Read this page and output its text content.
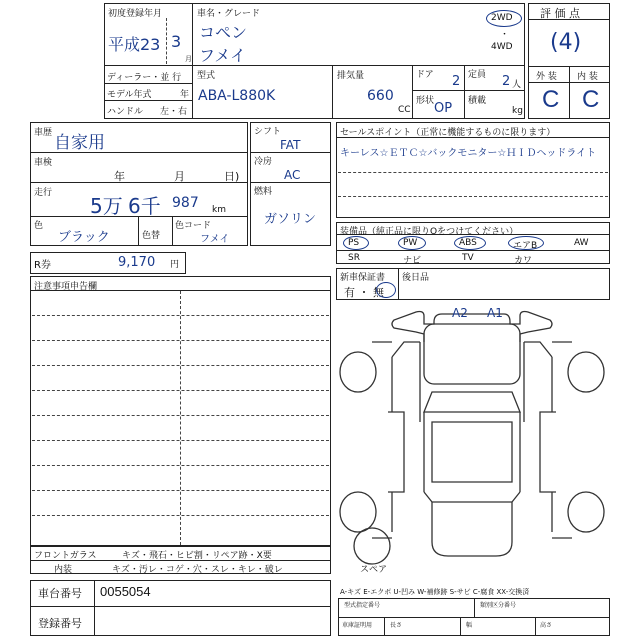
初度登録年月
平成23 3
月
車名・グレード
コペン
フメイ
2WD
・
4WD
ディーラー・並 行
モデル年式	年
ハンドル 左・右
型式
ABA-L880K
排気量
660
CC
ドア 2
形状 OP
定員 2 人
積載
kg
評 価 点
(4)
外 装 内 装
C C
車歴 自家用
車検
年	月	日)
走行
5万 6千 987 km
色
ブラック	色替
色コード
フメイ
シフト
FAT
冷房
AC
燃料
ガソリン
セールスポイント（正常に機能するものに限ります）
キーレス☆ＥＴＣ☆バックモニター☆ＨＩＤヘッドライト
装備品（純正品に限りOをつけてください）
PS	PW	ABS	エアB	AW
SR	ナビ	TV	カワ
R券	9,170 円
新車保証書
有 ・ 無
後日品
注意事項申告欄
A2 A1
スペア
フロントガラス	キズ・飛石・ヒビ割・リペア跡・X要
内装	キズ・汚レ・コゲ・穴・スレ・キレ・破レ
車台番号 0055054
登録番号
A-キズ E-エクボ U-凹み W-補修跡 S-サビ C-腐食 XX-交換済
型式指定番号	類別区分番号
車庫証明用	長さ	幅	高さ
